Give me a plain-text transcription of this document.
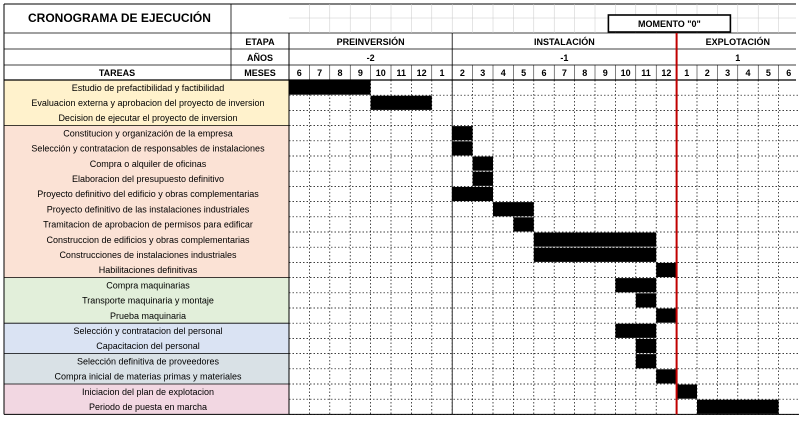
MOMENTO "0"
CRONOGRAMA DE EJECUCIÓN
ETAPA
AÑOS
MESES
TAREAS
PREINVERSIÓN
-2
INSTALACIÓN
-1
EXPLOTACIÓN
1
6 7 8 9 10 11 12 1 2 3 4 5 6 7 8 9 10 11 12 1 2 3 4 5 6
Estudio de prefactibilidad y factibilidad
Evaluacion externa y aprobacion del proyecto de inversion
Decision de ejecutar el proyecto de inversion
Constitucion y organización de la empresa
Selección y contratacion de responsables de instalaciones
Compra o alquiler de oficinas
Elaboracion del presupuesto definitivo
Proyecto definitivo del edificio y obras complementarias
Proyecto definitivo de las instalaciones industriales
Tramitacion de aprobacion de permisos para edificar
Construccion de edificios y obras complementarias
Construcciones de instalaciones industriales
Habilitaciones definitivas
Compra maquinarias
Transporte maquinaria y montaje
Prueba maquinaria
Selección y contratacion del personal
Capacitacion del personal
Selección definitiva de proveedores
Compra inicial de materias primas y materiales
Iniciacion del plan de explotacion
Periodo de puesta en marcha
